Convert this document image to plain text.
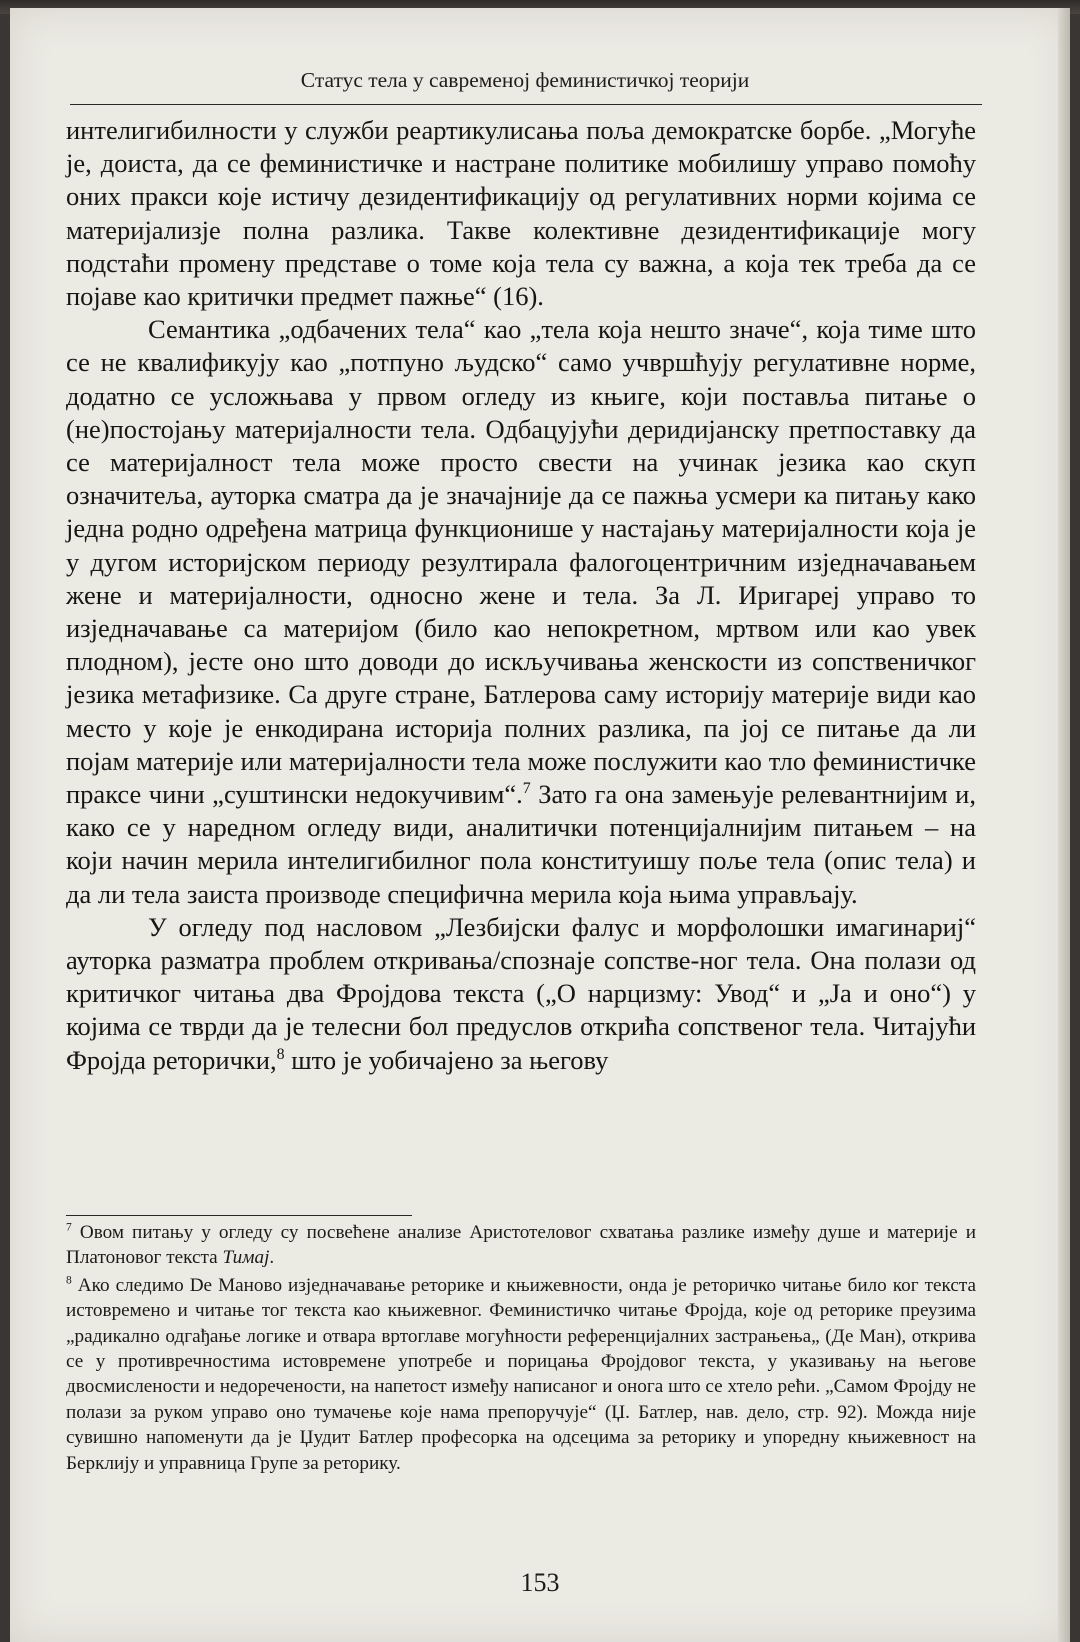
Статус тела у савременој феминистичкој теорији

интелигибилности у служби реартикулисања поља демократске борбе. „Могуће је, доиста, да се феминистичке и настране политике мобилишу управо помоћу оних пракси које истичу дезидентификацију од регулативних норми којима се материјализје полна разлика. Такве колективне дезидентификације могу подстаћи промену представе о томе која тела су важна, а која тек треба да се појаве као критички предмет пажње“ (16).

Семантика „одбачених тела“ као „тела која нешто значе“, која тиме што се не квалификују као „потпуно људско“ само учвршћују регулативне норме, додатно се усложњава у првом огледу из књиге, који поставља питање о (не)постојању материјалности тела. Одбацујући деридијанску претпоставку да се материјалност тела може просто свести на учинак језика као скуп означитеља, ауторка сматра да је значајније да се пажња усмери ка питању како једна родно одређена матрица функционише у настајању материјалности која је у дугом историјском периоду резултирала фалогоцентричним изједначавањем жене и материјалности, односно жене и тела. За Л. Иригареј управо то изједначавање са материјом (било као непокретном, мртвом или као увек плодном), јесте оно што доводи до искључивања женскости из сопственичког језика метафизике. Са друге стране, Батлерова саму историју материје види као место у које је енкодирана историја полних разлика, па јој се питање да ли појам материје или материјалности тела може послужити као тло феминистичке праксе чини „суштински недокучивим“.$^7$ Зато га она замењује релевантнијим и, како се у наредном огледу види, аналитички потенцијалнијим питањем – на који начин мерила интелигибилног пола конституишу поље тела (опис тела) и да ли тела заиста производе специфична мерила која њима управљају.

У огледу под насловом „Лезбијски фалус и морфолошки имагинариј“ ауторка разматра проблем откривања/спознаје сопстве-ног тела. Она полази од критичког читања два Фројдова текста („О нарцизму: Увод“ и „Ја и оно“) у којима се тврди да је телесни бол предуслов открића сопственог тела. Читајући Фројда реторички,$^8$ што је уобичајено за његову

$^7$ Овом питању у огледу су посвећене анализе Аристотеловог схватања разлике између душе и материје и Платоновог текста Тимај.

$^8$ Ако следимо De Маново изједначавање реторике и књижевности, онда је реторичко читање било ког текста истовремено и читање тог текста као књижевног. Феминистичко читање Фројда, које од реторике преузима „радикално одгађање логике и отвара вртоглаве могућности референцијалних застрањења„ (Де Ман), открива се у противречностима истовремене употребе и порицања Фројдовог текста, у указивању на његове двосмислености и недоречености, на напетост између написаног и онога што се хтело рећи. „Самом Фројду не полази за руком управо оно тумачење које нама препоручује“ (Џ. Батлер, нав. дело, стр. 92). Можда није сувишно напоменути да је Џудит Батлер професорка на одсецима за реторику и упоредну књижевност на Берклију и управница Групе за реторику.

153
